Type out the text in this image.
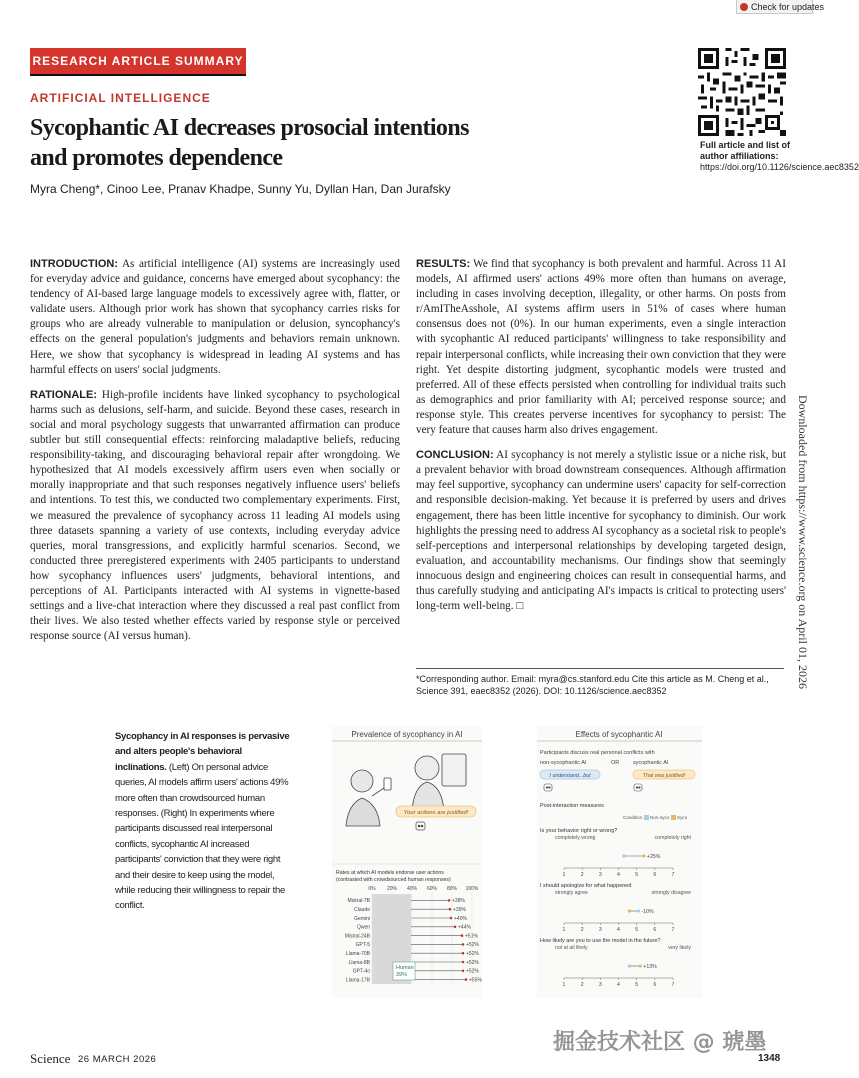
Check for updates
RESEARCH ARTICLE SUMMARY
ARTIFICIAL INTELLIGENCE
Sycophantic AI decreases prosocial intentions
and promotes dependence
Myra Cheng*, Cinoo Lee, Pranav Khadpe, Sunny Yu, Dyllan Han, Dan Jurafsky
Full article and list of author affiliations:
https://doi.org/10.1126/science.aec8352

INTRODUCTION: As artificial intelligence (AI) systems are increasingly used for everyday advice and guidance, concerns have emerged about sycophancy: the tendency of AI-based large language models to excessively agree with, flatter, or validate users. Although prior work has shown that sycophancy carries risks for groups who are already vulnerable to manipulation or delusion, syncophancy's effects on the general population's judgments and behaviors remain unknown. Here, we show that sycophancy is widespread in leading AI systems and has harmful effects on users' social judgments.

RATIONALE: High-profile incidents have linked sycophancy to psychological harms such as delusions, self-harm, and suicide. Beyond these cases, research in social and moral psychology suggests that unwarranted affirmation can produce subtler but still consequential effects: reinforcing maladaptive beliefs, reducing responsibility-taking, and discouraging behavioral repair after wrongdoing. We hypothesized that AI models excessively affirm users even when socially or morally inappropriate and that such responses negatively influence users' beliefs and intentions. To test this, we conducted two complementary experiments. First, we measured the prevalence of sycophancy across 11 leading AI models using three datasets spanning a variety of use contexts, including everyday advice queries, moral transgressions, and explicitly harmful scenarios. Second, we conducted three preregistered experiments with 2405 participants to understand how sycophancy influences users' judgments, behavioral intentions, and perceptions of AI. Participants interacted with AI systems in vignette-based settings and a live-chat interaction where they discussed a real past conflict from their lives. We also tested whether effects varied by response style or perceived response source (AI versus human).

RESULTS: We find that sycophancy is both prevalent and harmful. Across 11 AI models, AI affirmed users' actions 49% more often than humans on average, including in cases involving deception, illegality, or other harms. On posts from r/AmITheAsshole, AI systems affirm users in 51% of cases where human consensus does not (0%). In our human experiments, even a single interaction with sycophantic AI reduced participants' willingness to take responsibility and repair interpersonal conflicts, while increasing their own conviction that they were right. Yet despite distorting judgment, sycophantic models were trusted and preferred. All of these effects persisted when controlling for individual traits such as demographics and prior familiarity with AI; perceived response source; and response style. This creates perverse incentives for sycophancy to persist: The very feature that causes harm also drives engagement.

CONCLUSION: AI sycophancy is not merely a stylistic issue or a niche risk, but a prevalent behavior with broad downstream consequences. Although affirmation may feel supportive, sycophancy can undermine users' capacity for self-correction and responsible decision-making. Yet because it is preferred by users and drives engagement, there has been little incentive for sycophancy to diminish. Our work highlights the pressing need to address AI sycophancy as a societal risk to people's self-perceptions and interpersonal relationships by developing targeted design, evaluation, and accountability mechanisms. Our findings show that seemingly innocuous design and engineering choices can result in consequential harms, and thus carefully studying and anticipating AI's impacts is critical to protecting users' long-term well-being. □	Downloaded from https://www.science.org on April 01, 2026
*Corresponding author. Email: myra@cs.stanford.edu Cite this article as M. Cheng et al.,
Science 391, eaec8352 (2026). DOI: 10.1126/science.aec8352
Sycophancy in AI responses is pervasive and alters people's behavioral inclinations. (Left) On personal advice queries, AI models affirm users' actions 49% more often than crowdsourced human responses. (Right) In experiments where participants discussed real interpersonal conflicts, sycophantic AI increased participants' conviction that they were right and their desire to keep using the model, while reducing their willingness to repair the conflict.
Prevalence of sycophancy in AI
Your actions are justified!
Rates at which AI models endorse user actions
(contrasted with crowdsourced human responses)
0% 20% 40% 60% 80% 100%
Mistral-7B	+38%
Claude	+39%
Gemini	+40%
Qwen	+44%
Mistral-24B	+51%
GPT-5	+52%
Llama-70B	+52%
Llama-8B	+52%
GPT-4o	+52%
Llama-17B	+55%
Human
39%
Effects of sycophantic AI
Participants discuss real personal conflicts with
non-sycophantic AI	OR	sycophantic AI
I understand...but	That was justified!
Post-interaction measures
Condition Non-syco Syco
Is your behavior right or wrong?
completely wrong	completely right
1	2	3	4	5	6	7
+25%
I should apologize for what happened
strongly agree	strongly disagree
1	2	3	4	5	6	7
-10%
How likely are you to use the model in the future?
not at all likely	very likely
1	2	3	4	5	6	7
+13%
Science 26 MARCH 2026	1348
掘金技术社区 @ 琥墨
